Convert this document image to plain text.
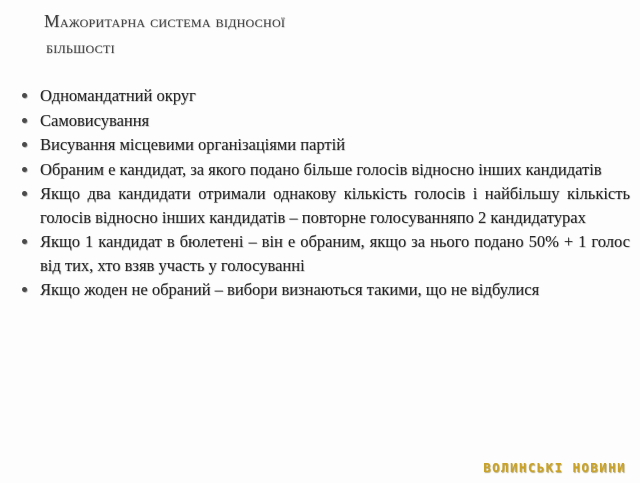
Мажоритарна система відносної
більшості
Одномандатний округ
Самовисування
Висування місцевими організаціями партій
Обраним е кандидат, за якого подано більше голосів відносно інших кандидатів
Якщо два кандидати отримали однакову кількість голосів і найбільшу кількість голосів відносно інших кандидатів – повторне голосуванняпо 2 кандидатурах
Якщо 1 кандидат в бюлетені – він е обраним, якщо за нього подано 50% + 1 голос від тих, хто взяв участь у голосуванні
Якщо жоден не обраний – вибори визнаються такими, що не відбулися
ВОЛИНСЬКІ НОВИНИ
